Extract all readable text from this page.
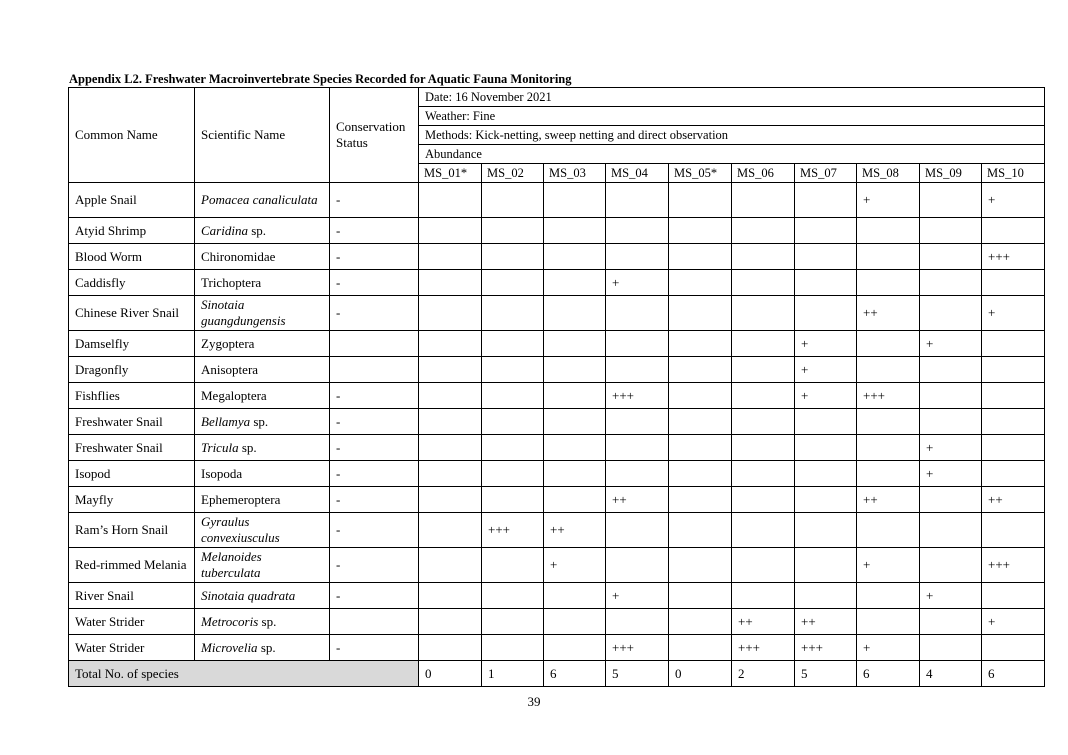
Appendix L2. Freshwater Macroinvertebrate Species Recorded for Aquatic Fauna Monitoring
Common Name	Scientific Name	Conservation Status	Date: 16 November 2021									
			Weather: Fine									
			Methods: Kick-netting, sweep netting and direct observation									
			Abundance									
			MS_01*	MS_02	MS_03	MS_04	MS_05*	MS_06	MS_07	MS_08	MS_09	MS_10
Apple Snail	Pomacea canaliculata	-								+		+
Atyid Shrimp	Caridina sp.	-										
Blood Worm	Chironomidae	-										+++
Caddisfly	Trichoptera	-				+						
Chinese River Snail	Sinotaia guangdungensis	-								++		+
Damselfly	Zygoptera								+		+	
Dragonfly	Anisoptera								+			
Fishflies	Megaloptera	-				+++			+	+++		
Freshwater Snail	Bellamya sp.	-										
Freshwater Snail	Tricula sp.	-									+	
Isopod	Isopoda	-									+	
Mayfly	Ephemeroptera	-				++				++		++
Ram’s Horn Snail	Gyraulus convexiusculus	-		+++	++							
Red-rimmed Melania	Melanoides tuberculata	-			+					+		+++
River Snail	Sinotaia quadrata	-				+					+	
Water Strider	Metrocoris sp.							++	++			+
Water Strider	Microvelia sp.	-				+++		+++	+++	+		
Total No. of species			0	1	6	5	0	2	5	6	4	6
39
